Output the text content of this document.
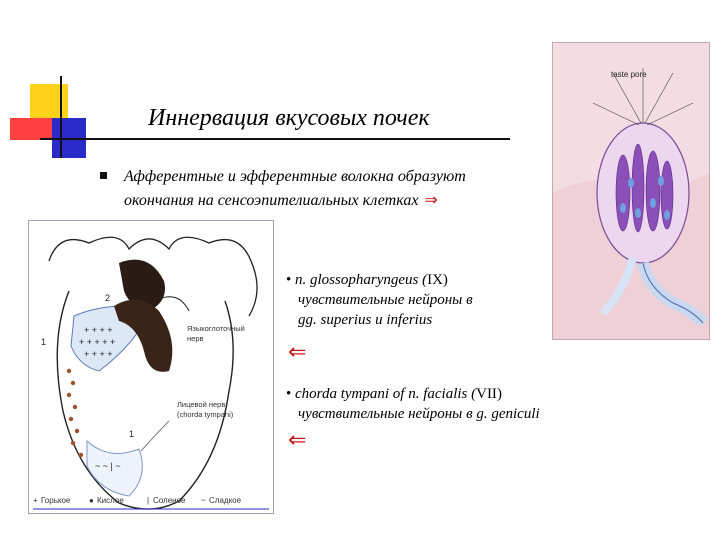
Иннервация вкусовых почек
Афферентные и эфферентные волокна образуют
окончания на сенсоэпителиальных клетках ⇒
+ + + +
+ + + + +
+ + + +
~ ~ | ~
Языкоглоточный
нерв
Лицевой нерв
(chorda tympani)
2
1
1
+ Горькое ● Кислое	| Соленое ~ Сладкое
taste pore
• n. glossopharyngeus (IX)
чувствительные нейроны в
gg. superius и inferius
⇐
• chorda tympani of n. facialis (VII)
чувствительные нейроны в g. geniculi
⇐
